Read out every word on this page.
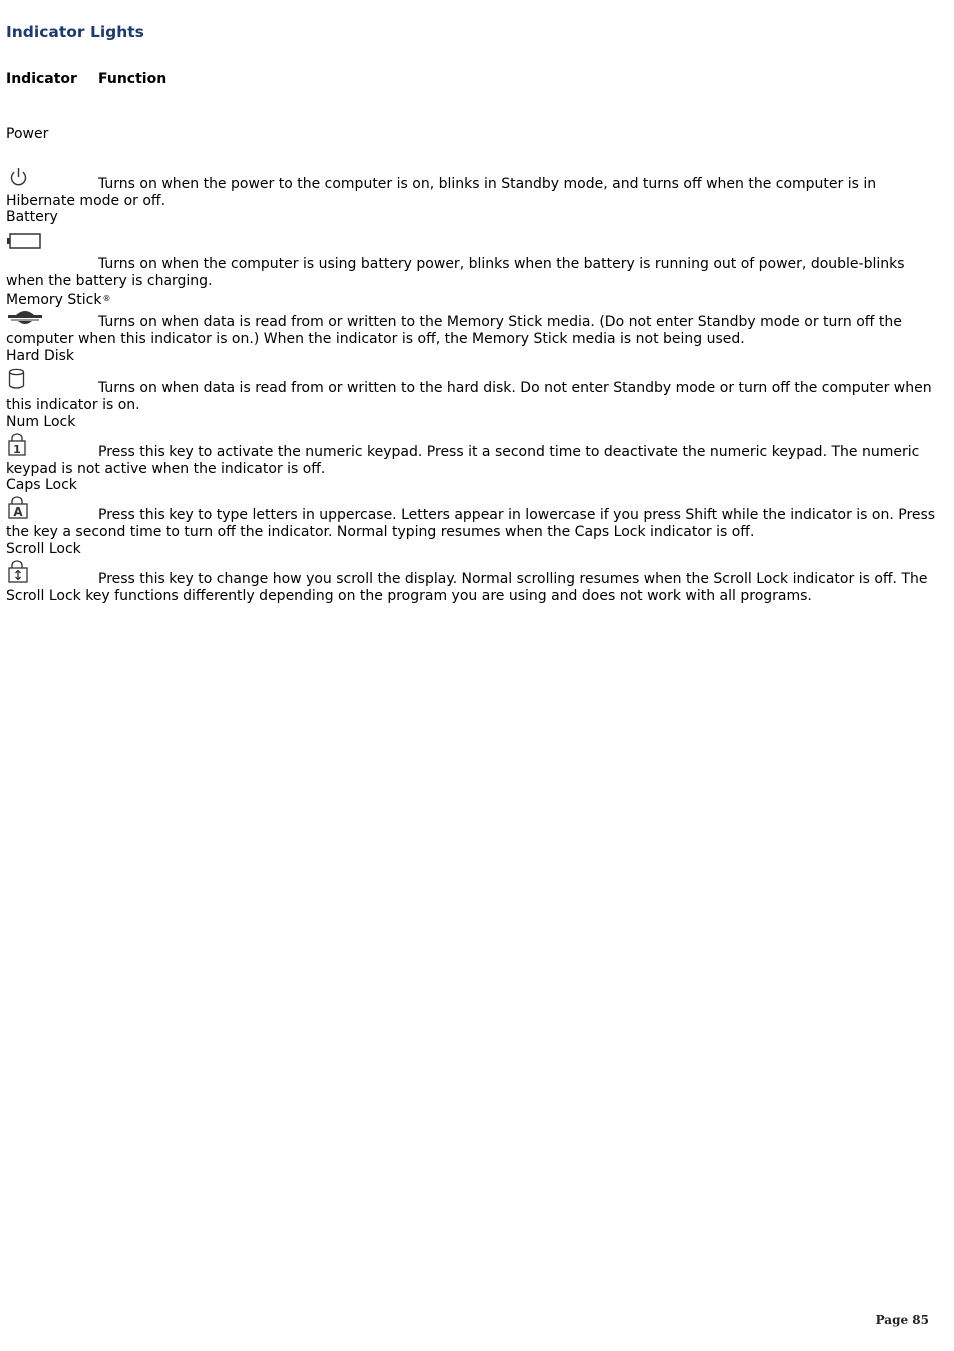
Indicator Lights
Indicator Function
Power
Turns on when the power to the computer is on, blinks in Standby mode, and turns off when the computer is in Hibernate mode or off.
Battery
Turns on when the computer is using battery power, blinks when the battery is running out of power, double-blinks when the battery is charging.
Memory Stick®
Turns on when data is read from or written to the Memory Stick media. (Do not enter Standby mode or turn off the computer when this indicator is on.) When the indicator is off, the Memory Stick media is not being used.
Hard Disk
Turns on when data is read from or written to the hard disk. Do not enter Standby mode or turn off the computer when this indicator is on.
Num Lock
1	Press this key to activate the numeric keypad. Press it a second time to deactivate the numeric keypad. The numeric keypad is not active when the indicator is off.
Caps Lock
A	Press this key to type letters in uppercase. Letters appear in lowercase if you press Shift while the indicator is on. Press the key a second time to turn off the indicator. Normal typing resumes when the Caps Lock indicator is off.
Scroll Lock
Press this key to change how you scroll the display. Normal scrolling resumes when the Scroll Lock indicator is off. The Scroll Lock key functions differently depending on the program you are using and does not work with all programs.
Page 85
